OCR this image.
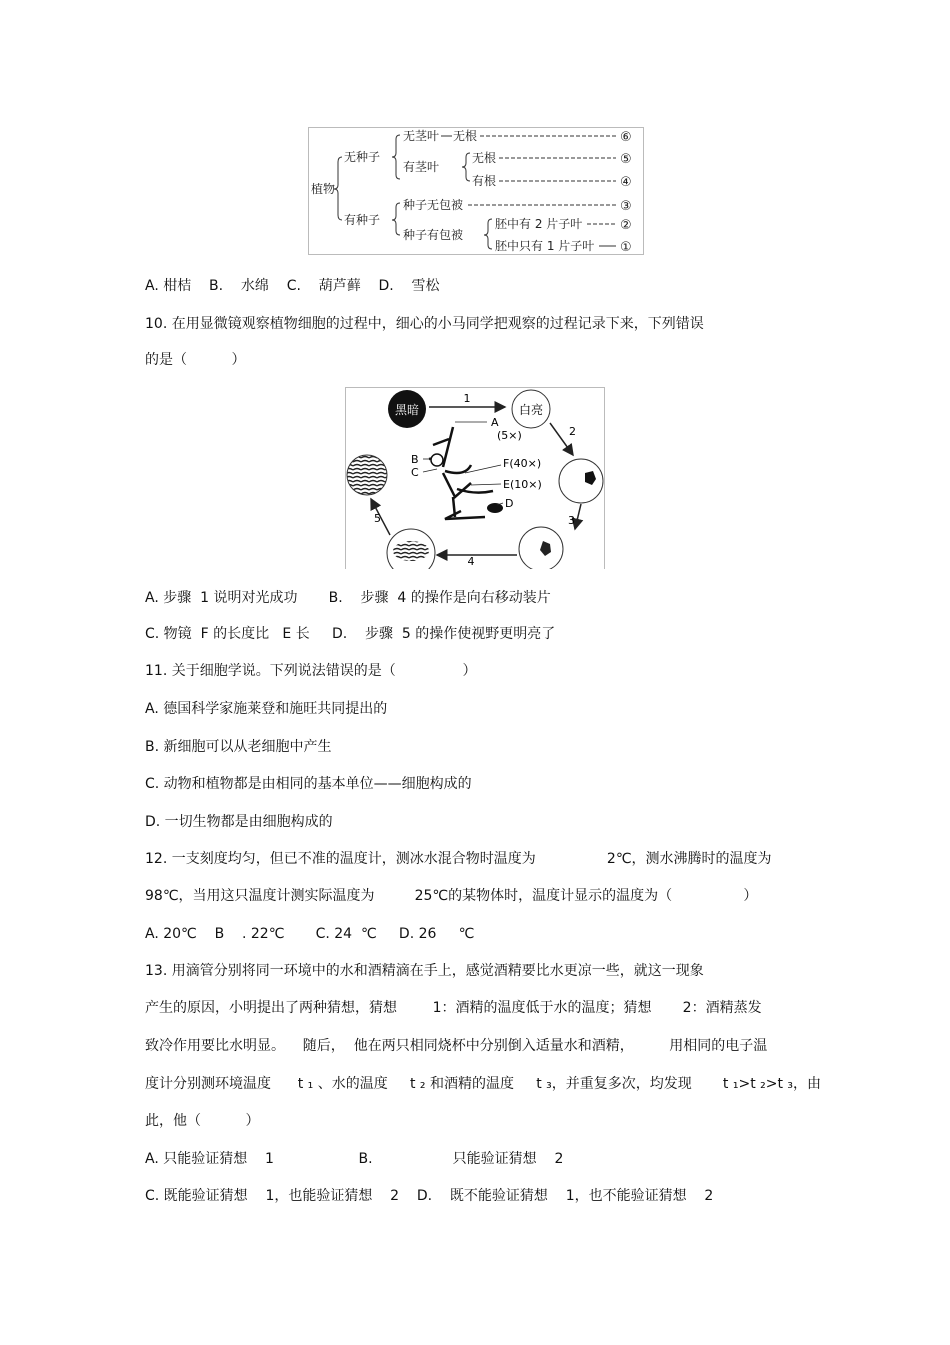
植物
无种子
有种子
无茎叶 无根	⑥
有茎叶
无根	⑤
有根	④
种子无包被	③
种子有包被
胚中有 2 片子叶	②
胚中只有 1 片子叶 ①
A. 柑桔    B.    水绵    C.    葫芦藓    D.    雪松
10. 在用显微镜观察植物细胞的过程中，细心的小马同学把观察的过程记录下来，下列错误
的是（          ）
黑暗
1
白亮
2
3
4
5
A
(5×)
B
C
F(40×)
E(10×)
D
A. 步骤  1 说明对光成功       B.    步骤  4 的操作是向右移动装片
C. 物镜  F 的长度比   E 长     D.    步骤  5 的操作使视野更明亮了
11. 关于细胞学说。下列说法错误的是（               ）
A. 德国科学家施莱登和施旺共同提出的
B. 新细胞可以从老细胞中产生
C. 动物和植物都是由相同的基本单位——细胞构成的
D. 一切生物都是由细胞构成的
12. 一支刻度均匀，但已不准的温度计，测冰水混合物时温度为                2℃，测水沸腾时的温度为
98℃，当用这只温度计测实际温度为         25℃的某物体时，温度计显示的温度为（                ）
A. 20℃    B    . 22℃       C. 24  ℃     D. 26     ℃
13. 用滴管分别将同一环境中的水和酒精滴在手上，感觉酒精要比水更凉一些，就这一现象
产生的原因，小明提出了两种猜想，猜想        1：酒精的温度低于水的温度；猜想       2：酒精蒸发
致冷作用要比水明显。    随后，  他在两只相同烧杯中分别倒入适量水和酒精，        用相同的电子温
度计分别测环境温度      t ₁ 、水的温度     t ₂ 和酒精的温度     t ₃，并重复多次，均发现       t ₁>t ₂>t ₃，由
此，他（          ）
A. 只能验证猜想    1                   B.                  只能验证猜想    2
C. 既能验证猜想    1，也能验证猜想    2    D.    既不能验证猜想    1，也不能验证猜想    2
